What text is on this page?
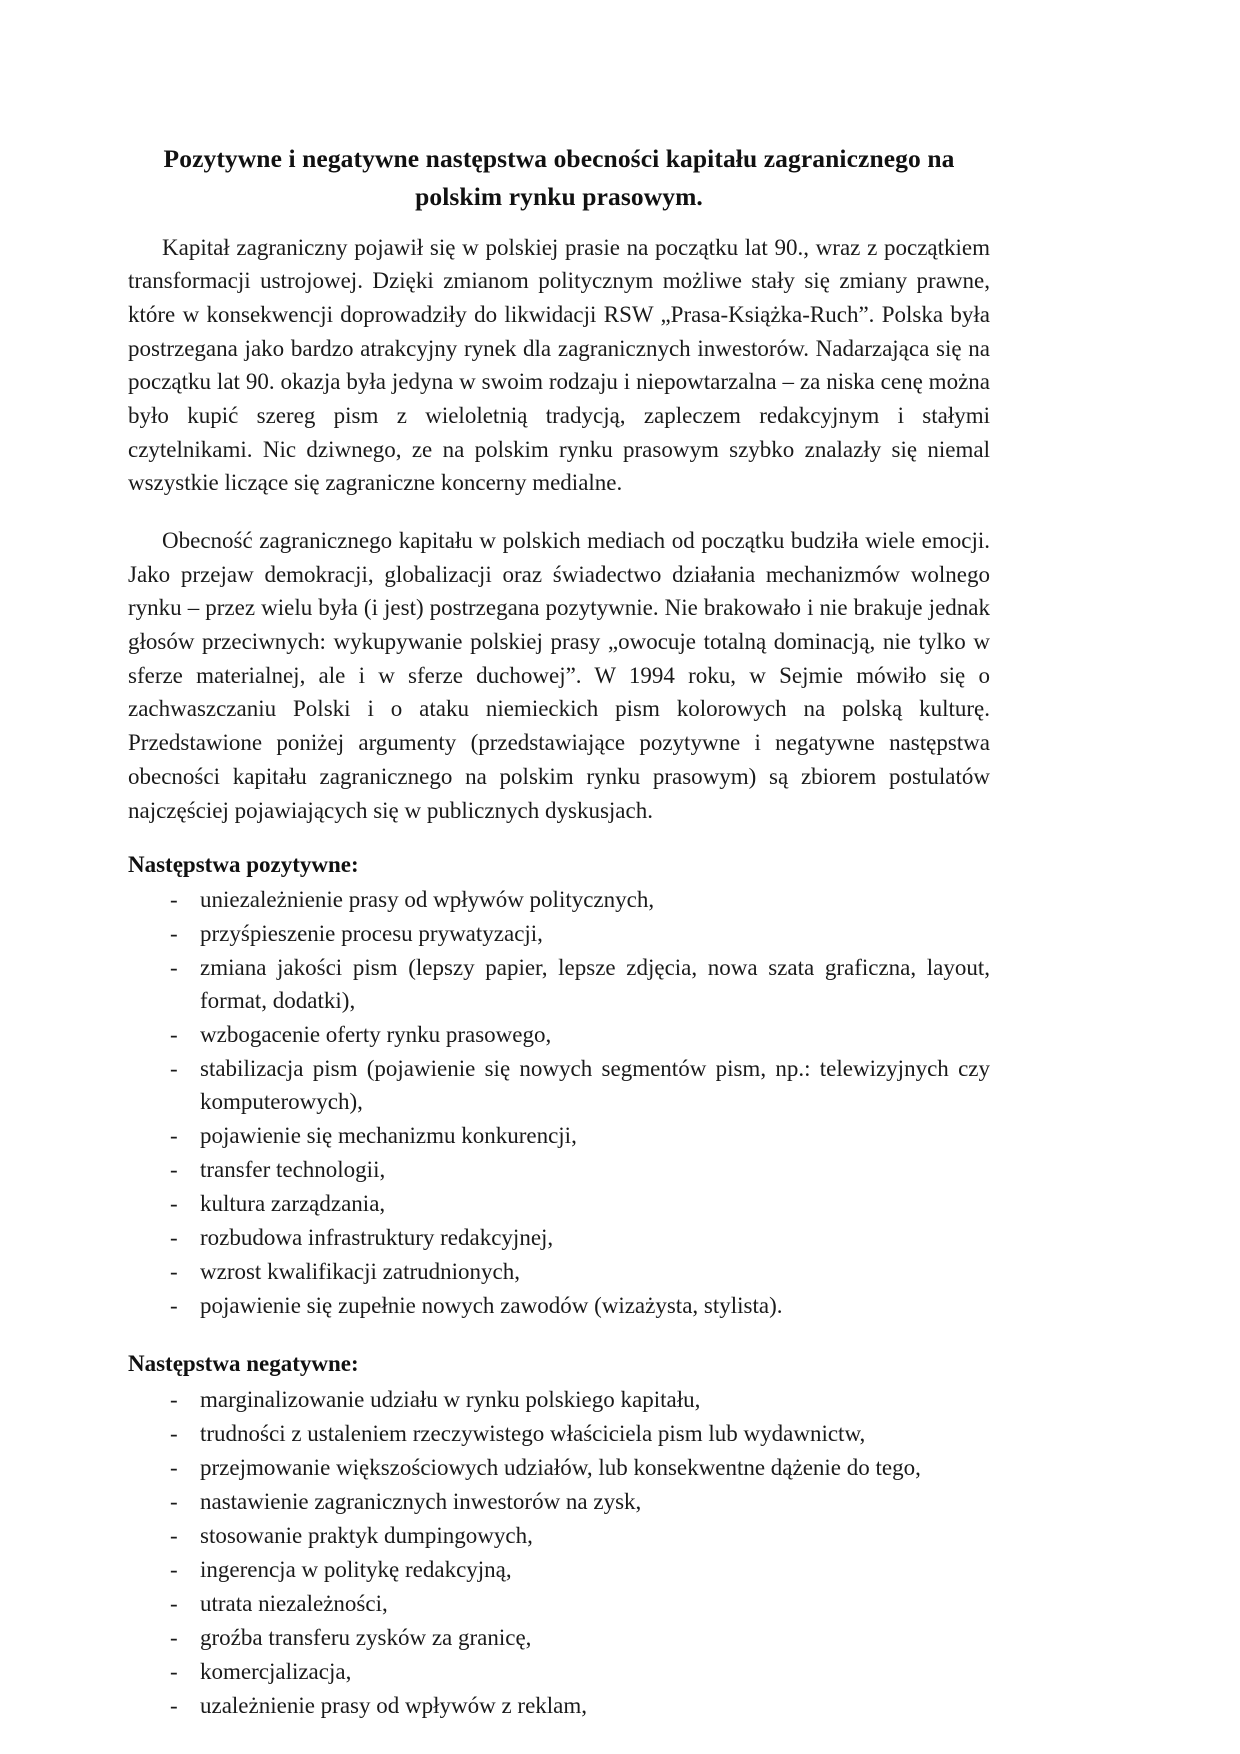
Pozytywne i negatywne następstwa obecności kapitału zagranicznego na polskim rynku prasowym.

Kapitał zagraniczny pojawił się w polskiej prasie na początku lat 90., wraz z początkiem transformacji ustrojowej. Dzięki zmianom politycznym możliwe stały się zmiany prawne, które w konsekwencji doprowadziły do likwidacji RSW „Prasa-Książka-Ruch”. Polska była postrzegana jako bardzo atrakcyjny rynek dla zagranicznych inwestorów. Nadarzająca się na początku lat 90. okazja była jedyna w swoim rodzaju i niepowtarzalna – za niska cenę można było kupić szereg pism z wieloletnią tradycją, zapleczem redakcyjnym i stałymi czytelnikami. Nic dziwnego, ze na polskim rynku prasowym szybko znalazły się niemal wszystkie liczące się zagraniczne koncerny medialne.

Obecność zagranicznego kapitału w polskich mediach od początku budziła wiele emocji. Jako przejaw demokracji, globalizacji oraz świadectwo działania mechanizmów wolnego rynku – przez wielu była (i jest) postrzegana pozytywnie. Nie brakowało i nie brakuje jednak głosów przeciwnych: wykupywanie polskiej prasy „owocuje totalną dominacją, nie tylko w sferze materialnej, ale i w sferze duchowej”. W 1994 roku, w Sejmie mówiło się o zachwaszczaniu Polski i o ataku niemieckich pism kolorowych na polską kulturę. Przedstawione poniżej argumenty (przedstawiające pozytywne i negatywne następstwa obecności kapitału zagranicznego na polskim rynku prasowym) są zbiorem postulatów najczęściej pojawiających się w publicznych dyskusjach.

Następstwa pozytywne:
- uniezależnienie prasy od wpływów politycznych,
- przyśpieszenie procesu prywatyzacji,
- zmiana jakości pism (lepszy papier, lepsze zdjęcia, nowa szata graficzna, layout, format, dodatki),
- wzbogacenie oferty rynku prasowego,
- stabilizacja pism (pojawienie się nowych segmentów pism, np.: telewizyjnych czy komputerowych),
- pojawienie się mechanizmu konkurencji,
- transfer technologii,
- kultura zarządzania,
- rozbudowa infrastruktury redakcyjnej,
- wzrost kwalifikacji zatrudnionych,
- pojawienie się zupełnie nowych zawodów (wizażysta, stylista).
Następstwa negatywne:
- marginalizowanie udziału w rynku polskiego kapitału,
- trudności z ustaleniem rzeczywistego właściciela pism lub wydawnictw,
- przejmowanie większościowych udziałów, lub konsekwentne dążenie do tego,
- nastawienie zagranicznych inwestorów na zysk,
- stosowanie praktyk dumpingowych,
- ingerencja w politykę redakcyjną,
- utrata niezależności,
- groźba transferu zysków za granicę,
- komercjalizacja,
- uzależnienie prasy od wpływów z reklam,
